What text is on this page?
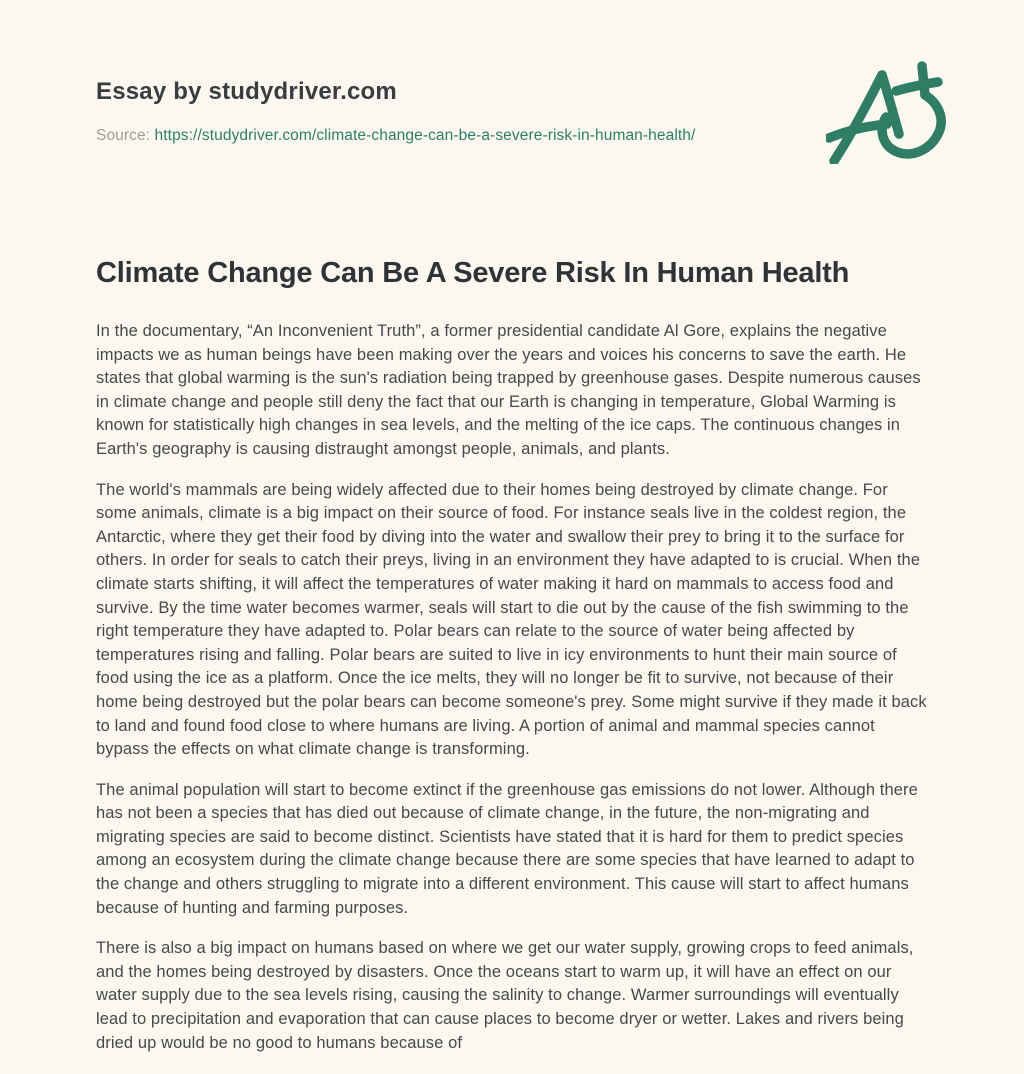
Essay by studydriver.com
Source: https://studydriver.com/climate-change-can-be-a-severe-risk-in-human-health/
Climate Change Can Be A Severe Risk In Human Health

In the documentary, “An Inconvenient Truth”, a former presidential candidate Al Gore, explains the negative impacts we as human beings have been making over the years and voices his concerns to save the earth. He states that global warming is the sun's radiation being trapped by greenhouse gases. Despite numerous causes in climate change and people still deny the fact that our Earth is changing in temperature, Global Warming is known for statistically high changes in sea levels, and the melting of the ice caps. The continuous changes in Earth's geography is causing distraught amongst people, animals, and plants.

The world's mammals are being widely affected due to their homes being destroyed by climate change. For some animals, climate is a big impact on their source of food. For instance seals live in the coldest region, the Antarctic, where they get their food by diving into the water and swallow their prey to bring it to the surface for others. In order for seals to catch their preys, living in an environment they have adapted to is crucial. When the climate starts shifting, it will affect the temperatures of water making it hard on mammals to access food and survive. By the time water becomes warmer, seals will start to die out by the cause of the fish swimming to the right temperature they have adapted to. Polar bears can relate to the source of water being affected by temperatures rising and falling. Polar bears are suited to live in icy environments to hunt their main source of food using the ice as a platform. Once the ice melts, they will no longer be fit to survive, not because of their home being destroyed but the polar bears can become someone's prey. Some might survive if they made it back to land and found food close to where humans are living. A portion of animal and mammal species cannot bypass the effects on what climate change is transforming.

The animal population will start to become extinct if the greenhouse gas emissions do not lower. Although there has not been a species that has died out because of climate change, in the future, the non-migrating and migrating species are said to become distinct. Scientists have stated that it is hard for them to predict species among an ecosystem during the climate change because there are some species that have learned to adapt to the change and others struggling to migrate into a different environment. This cause will start to affect humans because of hunting and farming purposes.

There is also a big impact on humans based on where we get our water supply, growing crops to feed animals, and the homes being destroyed by disasters. Once the oceans start to warm up, it will have an effect on our water supply due to the sea levels rising, causing the salinity to change. Warmer surroundings will eventually lead to precipitation and evaporation that can cause places to become dryer or wetter. Lakes and rivers being dried up would be no good to humans because of
